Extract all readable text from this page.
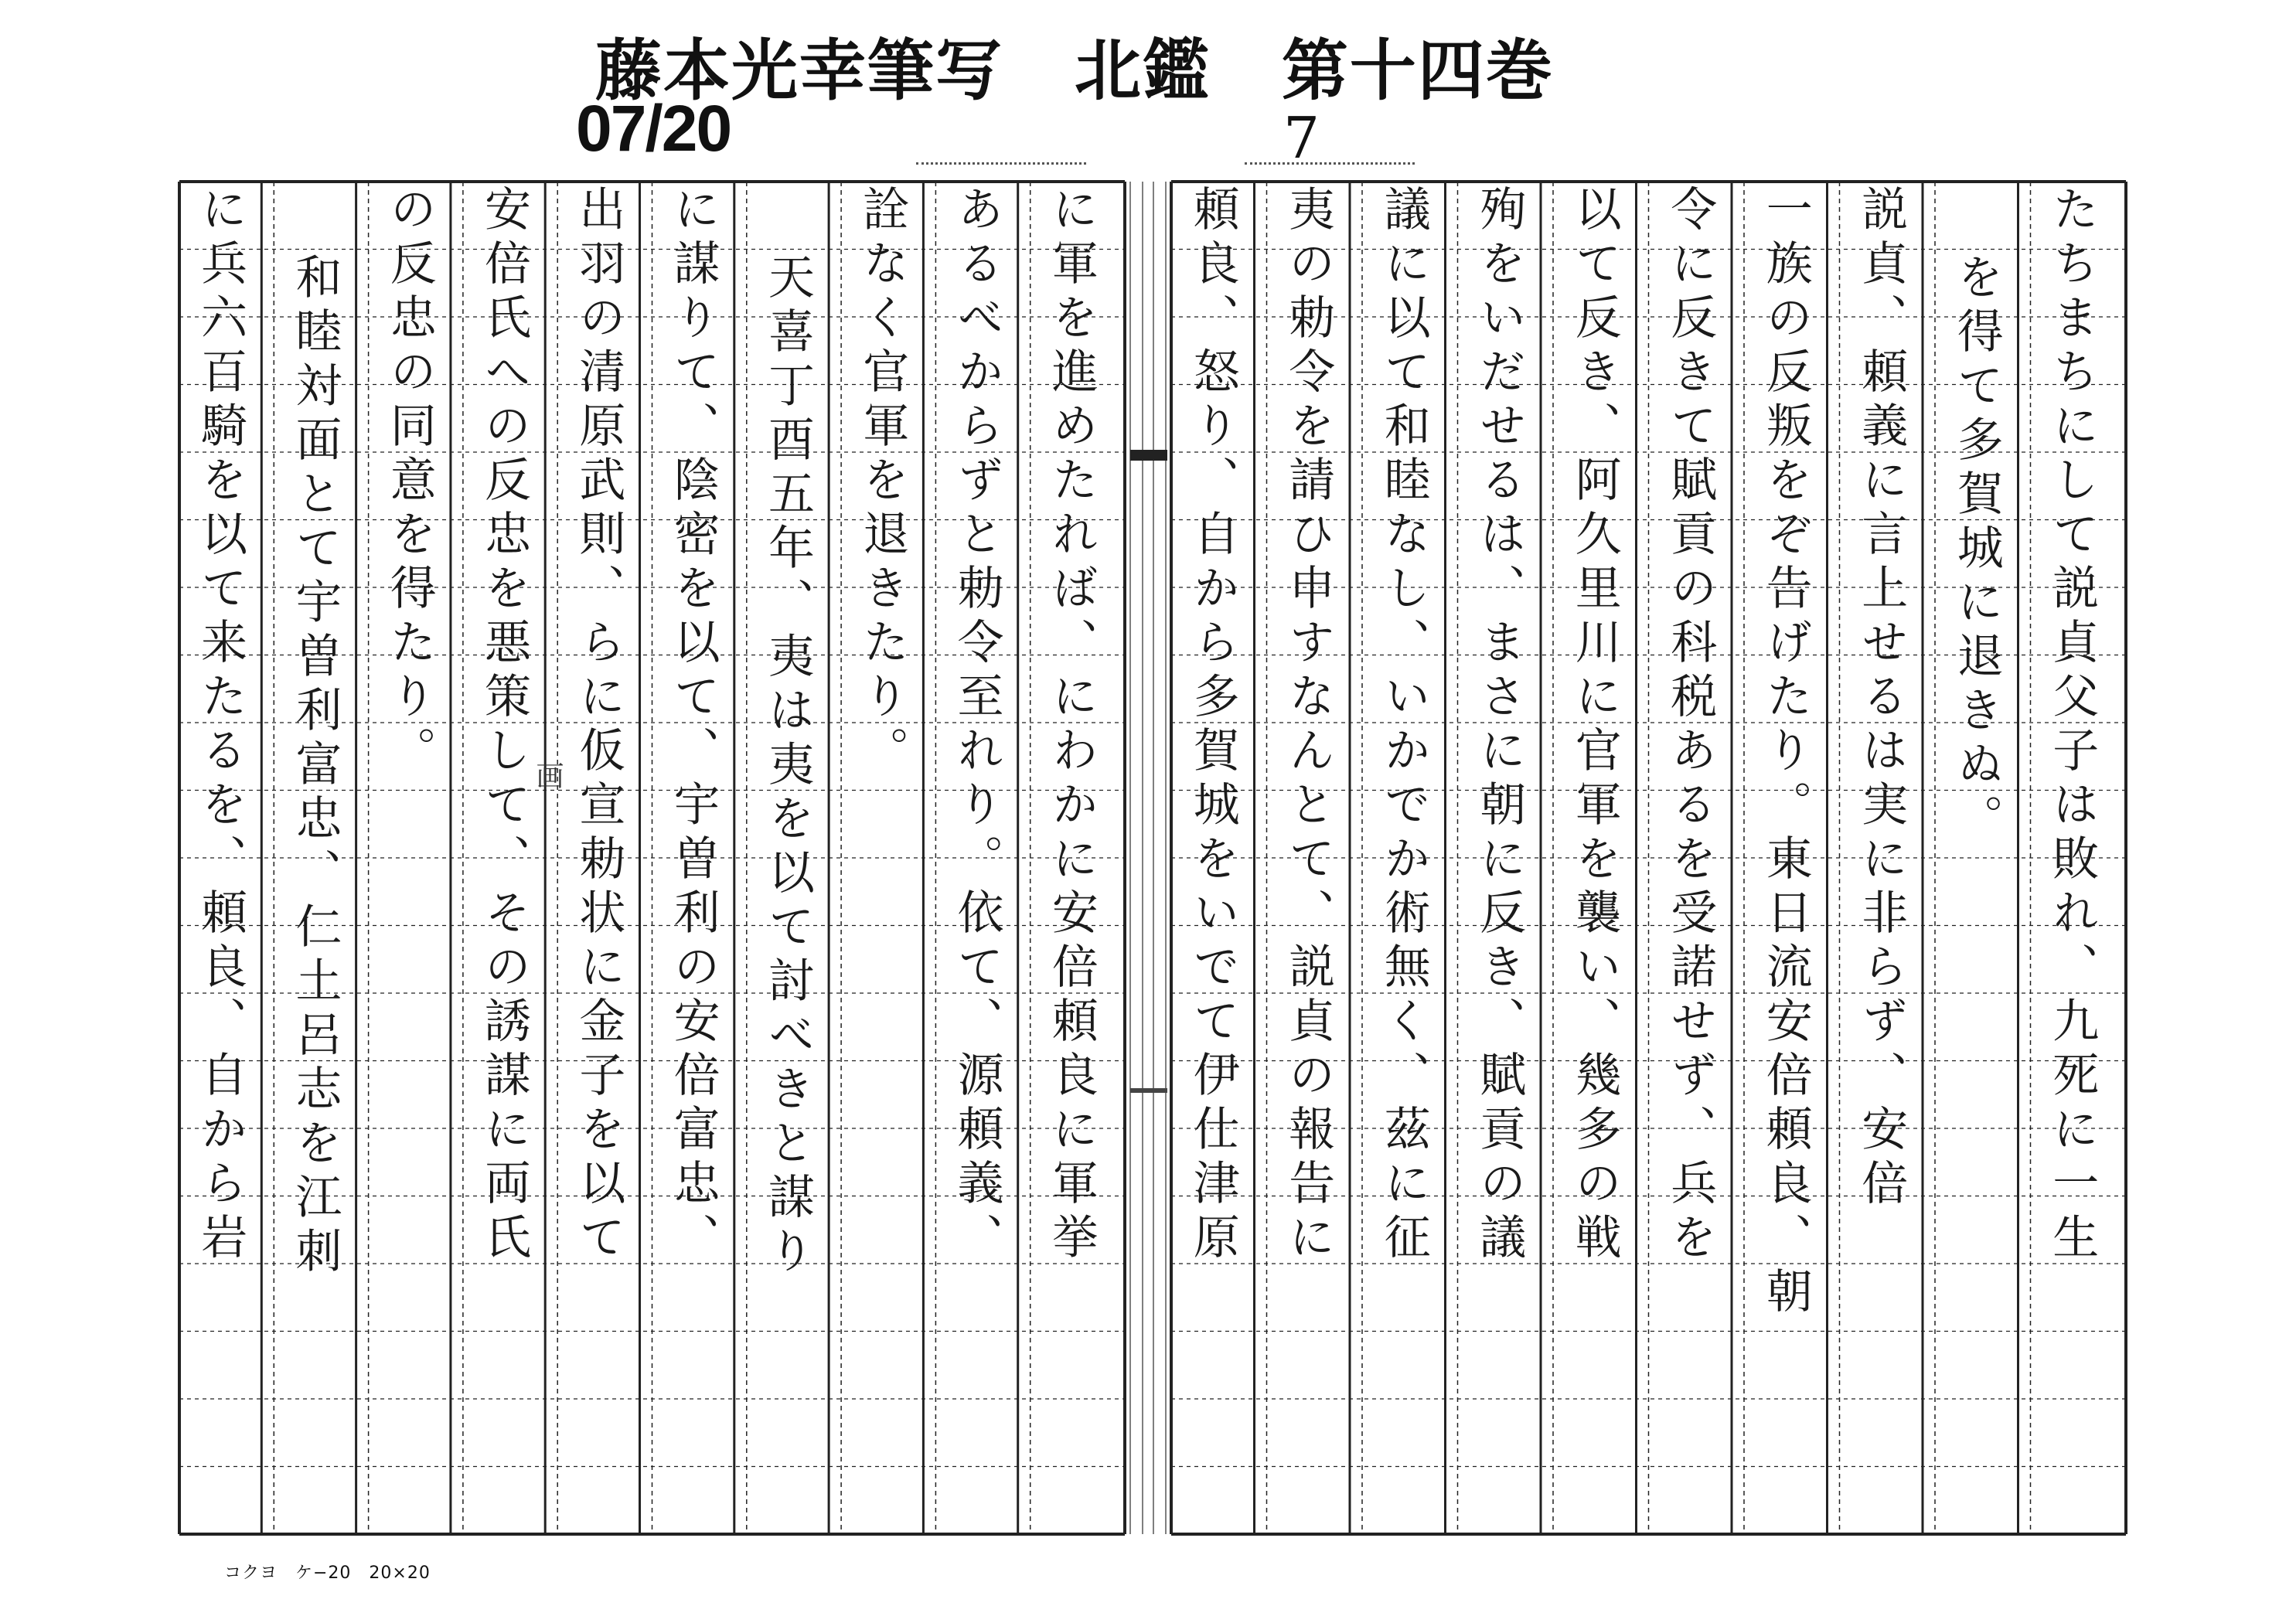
藤本光幸筆写 北鑑 第十四巻
07/20	7
たちまちにして説貞父子は敗れ、九死に一生
を得て多賀城に退きぬ。
説貞、頼義に言上せるは実に非らず、安倍
一族の反叛をぞ告げたり。東日流安倍頼良、朝
令に反きて賦貢の科税あるを受諾せず、兵を
以て反き、阿久里川に官軍を襲い、幾多の戦
殉をいだせるは、まさに朝に反き、賦貢の議
議に以て和睦なし、いかでか術無く、茲に征
夷の勅令を請ひ申すなんとて、説貞の報告に
頼良、怒り、自から多賀城をいでて伊仕津原
に軍を進めたれば、にわかに安倍頼良に軍挙
あるべからずと勅令至れり。依て、源頼義、
詮なく官軍を退きたり。
天喜丁酉五年、夷は夷を以て討べきと謀り
に謀りて、陰密を以て、宇曽利の安倍富忠、
出羽の清原武則、らに仮宣勅状に金子を以て
安倍氏への反忠を悪策して、その誘謀に両氏
の反忠の同意を得たり。
和睦対面とて宇曽利富忠、仁土呂志を江刺
に兵六百騎を以て来たるを、頼良、自から岩	画
コクヨ　ケ−20　20×20
